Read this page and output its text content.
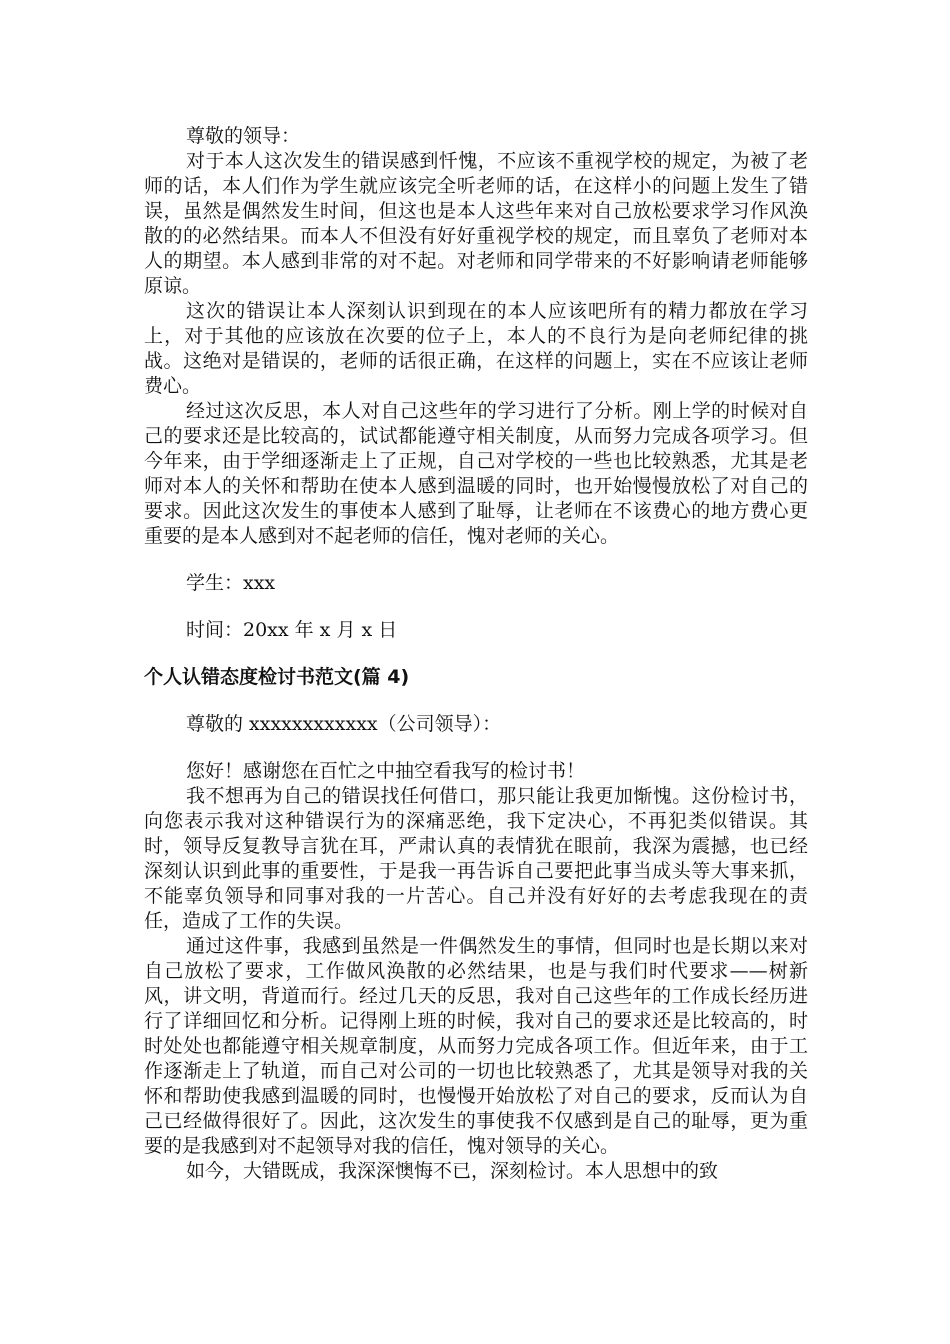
尊敬的领导：

对于本人这次发生的错误感到忏愧，不应该不重视学校的规定，为被了老师的话，本人们作为学生就应该完全听老师的话，在这样小的问题上发生了错误，虽然是偶然发生时间，但这也是本人这些年来对自己放松要求学习作风涣散的的必然结果。而本人不但没有好好重视学校的规定，而且辜负了老师对本人的期望。本人感到非常的对不起。对老师和同学带来的不好影响请老师能够原谅。

这次的错误让本人深刻认识到现在的本人应该吧所有的精力都放在学习上，对于其他的应该放在次要的位子上，本人的不良行为是向老师纪律的挑战。这绝对是错误的，老师的话很正确，在这样的问题上，实在不应该让老师费心。

经过这次反思，本人对自己这些年的学习进行了分析。刚上学的时候对自己的要求还是比较高的，试试都能遵守相关制度，从而努力完成各项学习。但今年来，由于学细逐渐走上了正规，自己对学校的一些也比较熟悉，尤其是老师对本人的关怀和帮助在使本人感到温暖的同时，也开始慢慢放松了对自己的要求。因此这次发生的事使本人感到了耻辱，让老师在不该费心的地方费心更重要的是本人感到对不起老师的信任，愧对老师的关心。

学生：xxx

时间：20xx 年 x 月 x 日

个人认错态度检讨书范文(篇 4)

尊敬的 xxxxxxxxxxxx（公司领导）：

您好！感谢您在百忙之中抽空看我写的检讨书！

我不想再为自己的错误找任何借口，那只能让我更加惭愧。这份检讨书，向您表示我对这种错误行为的深痛恶绝，我下定决心，不再犯类似错误。其时，领导反复教导言犹在耳，严肃认真的表情犹在眼前，我深为震撼，也已经深刻认识到此事的重要性，于是我一再告诉自己要把此事当成头等大事来抓，不能辜负领导和同事对我的一片苦心。自己并没有好好的去考虑我现在的责任，造成了工作的失误。

通过这件事，我感到虽然是一件偶然发生的事情，但同时也是长期以来对自己放松了要求，工作做风涣散的必然结果，也是与我们时代要求——树新风，讲文明，背道而行。经过几天的反思，我对自己这些年的工作成长经历进行了详细回忆和分析。记得刚上班的时候，我对自己的要求还是比较高的，时时处处也都能遵守相关规章制度，从而努力完成各项工作。但近年来，由于工作逐渐走上了轨道，而自己对公司的一切也比较熟悉了，尤其是领导对我的关怀和帮助使我感到温暖的同时，也慢慢开始放松了对自己的要求，反而认为自己已经做得很好了。因此，这次发生的事使我不仅感到是自己的耻辱，更为重要的是我感到对不起领导对我的信任，愧对领导的关心。

如今，大错既成，我深深懊悔不已，深刻检讨。本人思想中的致
